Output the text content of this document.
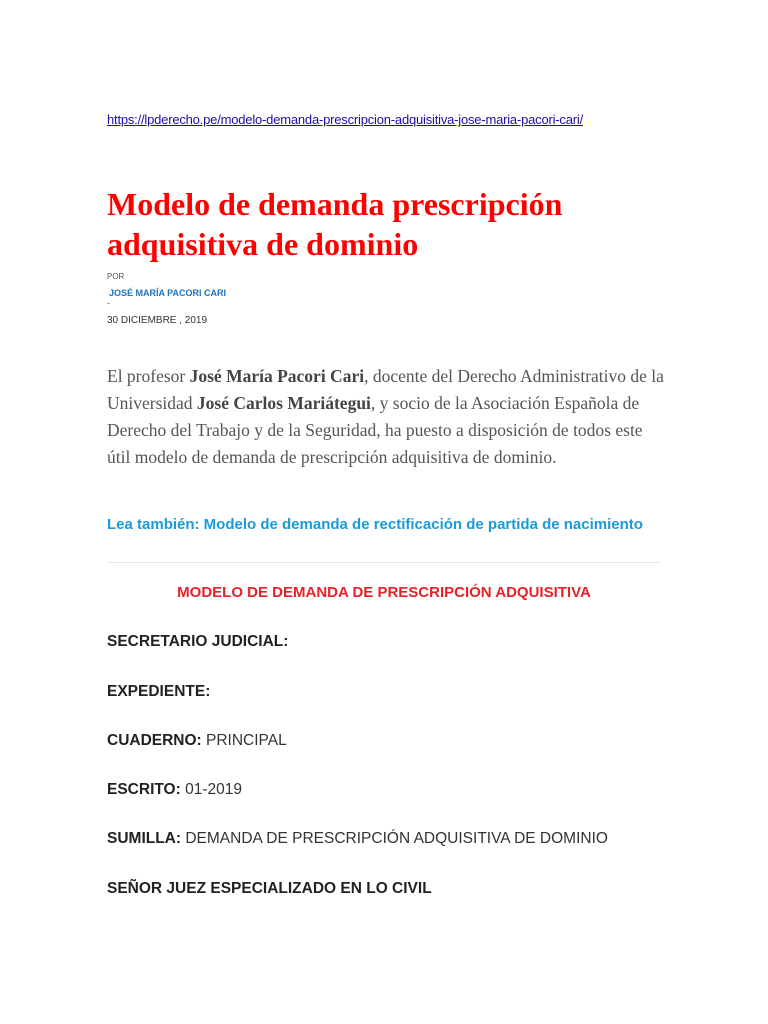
https://lpderecho.pe/modelo-demanda-prescripcion-adquisitiva-jose-maria-pacori-cari/
Modelo de demanda prescripción adquisitiva de dominio
POR
JOSÉ MARÍA PACORI CARI
-
30 DICIEMBRE , 2019

El profesor José María Pacori Cari, docente del Derecho Administrativo de la Universidad José Carlos Mariátegui, y socio de la Asociación Española de Derecho del Trabajo y de la Seguridad, ha puesto a disposición de todos este útil modelo de demanda de prescripción adquisitiva de dominio.

Lea también: Modelo de demanda de rectificación de partida de nacimiento
MODELO DE DEMANDA DE PRESCRIPCIÓN ADQUISITIVA
SECRETARIO JUDICIAL:
EXPEDIENTE:
CUADERNO: PRINCIPAL
ESCRITO: 01-2019
SUMILLA: DEMANDA DE PRESCRIPCIÓN ADQUISITIVA DE DOMINIO
SEÑOR JUEZ ESPECIALIZADO EN LO CIVIL
